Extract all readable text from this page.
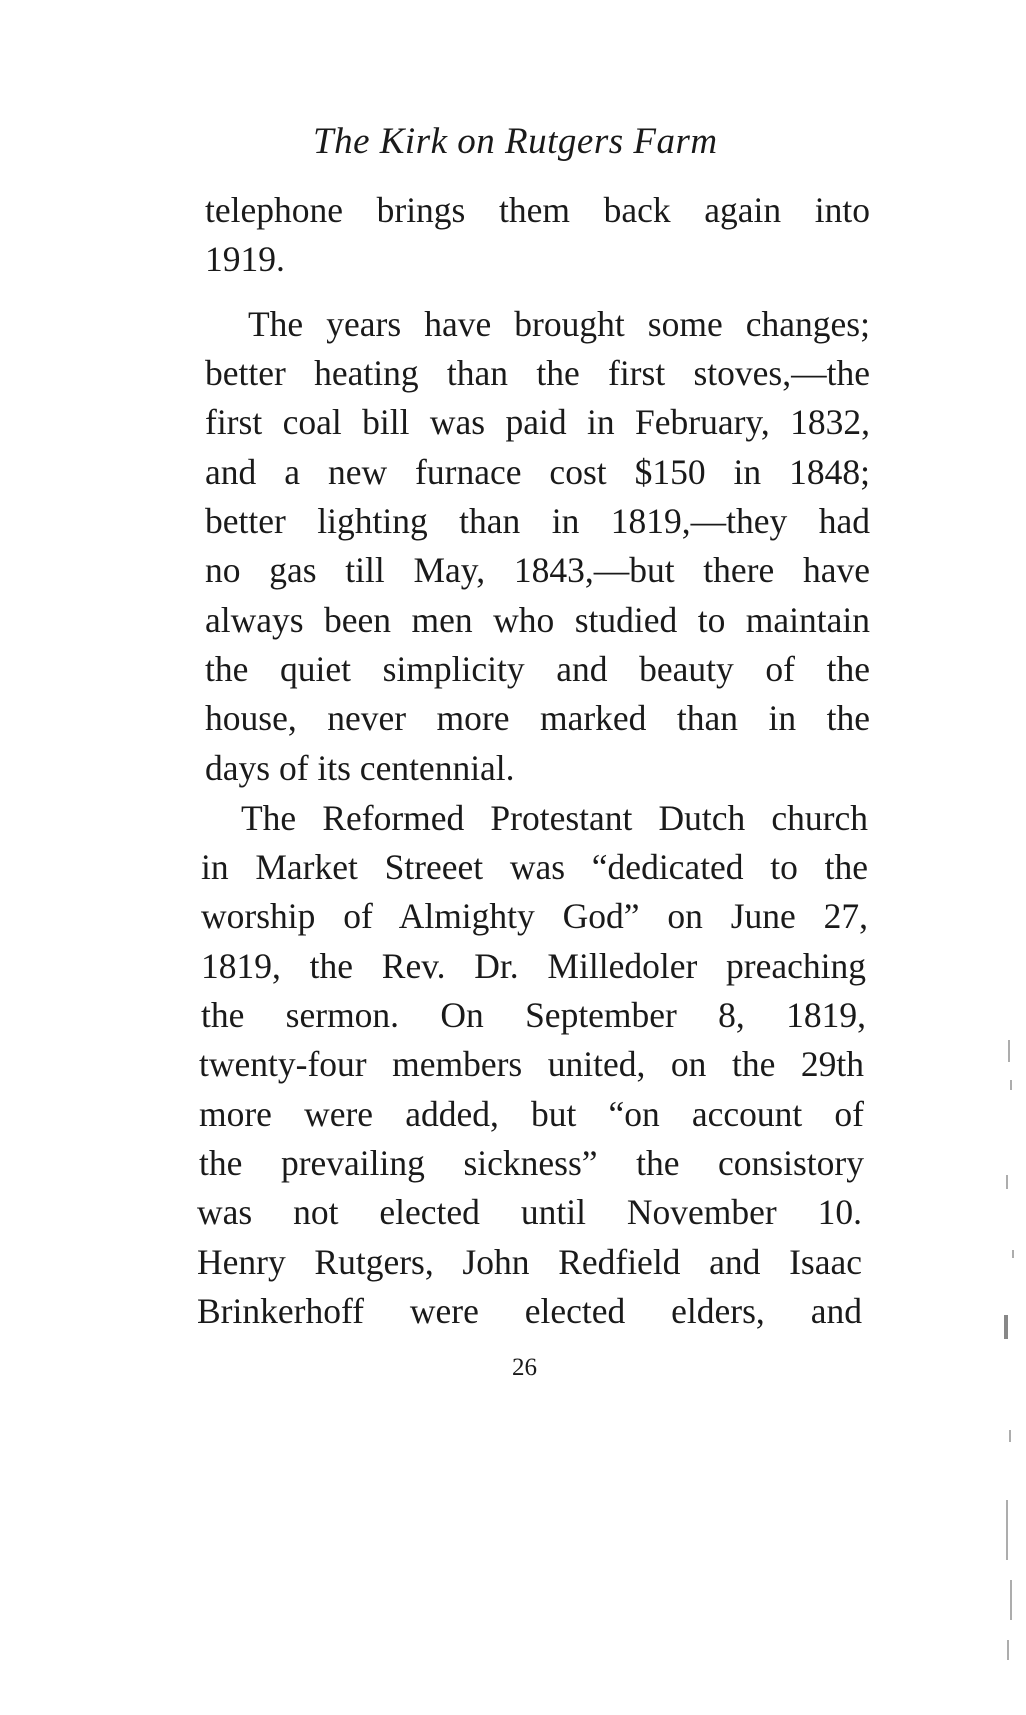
The Kirk on Rutgers Farm
telephone brings them back again into
1919.
The years have brought some changes;
better heating than the first stoves,—the
first coal bill was paid in February, 1832,
and a new furnace cost $150 in 1848;
better lighting than in 1819,—they had
no gas till May, 1843,—but there have
always been men who studied to maintain
the quiet simplicity and beauty of the
house, never more marked than in the
days of its centennial.
The Reformed Protestant Dutch church
in Market Streeet was “dedicated to the
worship of Almighty God” on June 27,
1819, the Rev. Dr. Milledoler preaching
the sermon. On September 8, 1819,
twenty-four members united, on the 29th
more were added, but “on account of
the prevailing sickness” the consistory
was not elected until November 10.
Henry Rutgers, John Redfield and Isaac
Brinkerhoff were elected elders, and
26
